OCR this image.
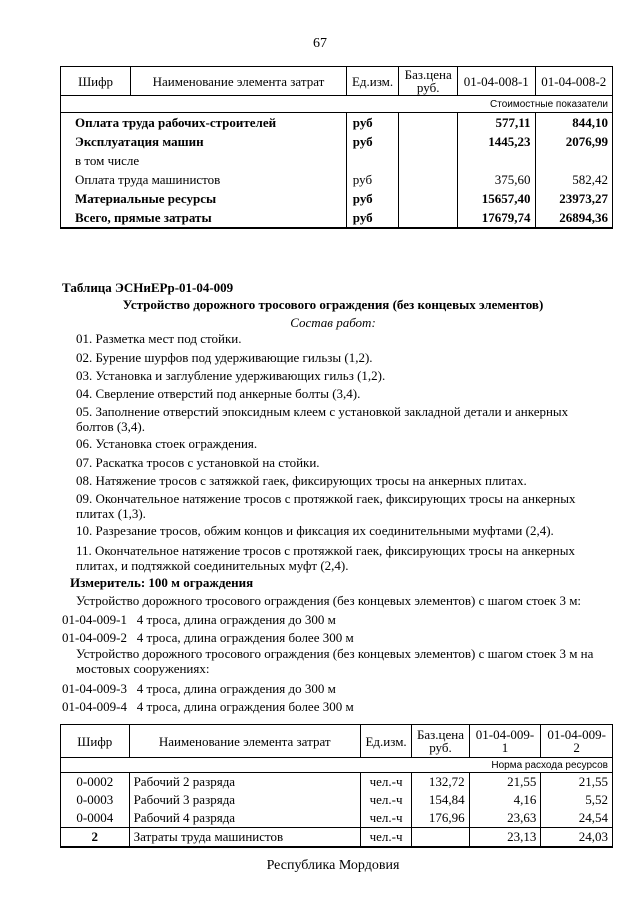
67
Шифр	Наименование элемента затрат	Ед.изм.	Баз.цена руб.	01-04-008-1	01-04-008-2
Стоимостные показатели					
Оплата труда рабочих-строителей		руб		577,11	844,10
Эксплуатация машин		руб		1445,23	2076,99
в том числе					
Оплата труда машинистов		руб		375,60	582,42
Материальные ресурсы		руб		15657,40	23973,27
Всего, прямые затраты		руб		17679,74	26894,36
Таблица ЭСНиЕРр-01-04-009
Устройство дорожного тросового ограждения (без концевых элементов)
Состав работ:
01. Разметка мест под стойки.
02. Бурение шурфов под удерживающие гильзы (1,2).
03. Установка и заглубление удерживающих гильз (1,2).
04. Сверление отверстий под анкерные болты (3,4).
05. Заполнение отверстий эпоксидным клеем с установкой закладной детали и анкерных болтов (3,4).
06. Установка стоек ограждения.
07. Раскатка тросов с установкой на стойки.
08. Натяжение тросов с затяжкой гаек, фиксирующих тросы на анкерных плитах.
09. Окончательное натяжение тросов с протяжкой гаек, фиксирующих тросы на анкерных плитах (1,3).
10. Разрезание тросов, обжим концов и фиксация их соединительными муфтами (2,4).
11. Окончательное натяжение тросов с протяжкой гаек, фиксирующих тросы на анкерных плитах, и подтяжкой соединительных муфт (2,4).
Измеритель: 100 м ограждения
Устройство дорожного тросового ограждения (без концевых элементов) с шагом стоек 3 м:
01-04-009-1   4 троса, длина ограждения до 300 м
01-04-009-2   4 троса, длина ограждения более 300 м
Устройство дорожного тросового ограждения (без концевых элементов) с шагом стоек 3 м на мостовых сооружениях:
01-04-009-3   4 троса, длина ограждения до 300 м
01-04-009-4   4 троса, длина ограждения более 300 м
Шифр	Наименование элемента затрат	Ед.изм.	Баз.цена руб.	01-04-009-1	01-04-009-2
Норма расхода ресурсов					
0-0002	Рабочий 2 разряда	чел.-ч	132,72	21,55	21,55
0-0003	Рабочий 3 разряда	чел.-ч	154,84	4,16	5,52
0-0004	Рабочий 4 разряда	чел.-ч	176,96	23,63	24,54
2	Затраты труда машинистов	чел.-ч		23,13	24,03
Республика Мордовия
